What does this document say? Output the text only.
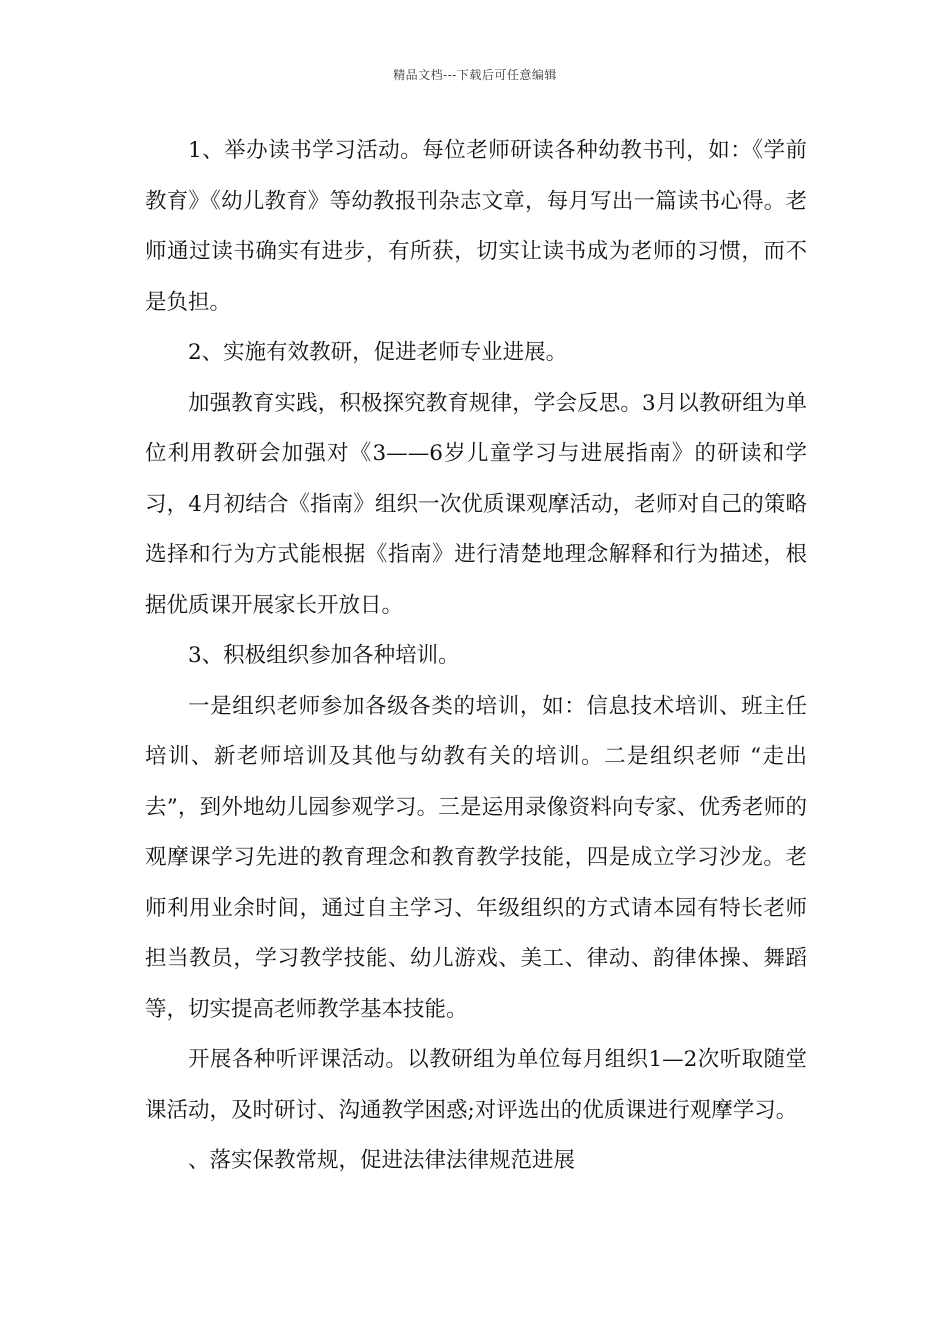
精品文档---下载后可任意编辑

1、举办读书学习活动。每位老师研读各种幼教书刊，如：《学前教育》《幼儿教育》等幼教报刊杂志文章，每月写出一篇读书心得。老师通过读书确实有进步，有所获，切实让读书成为老师的习惯，而不是负担。

2、实施有效教研，促进老师专业进展。

加强教育实践，积极探究教育规律，学会反思。3月以教研组为单位利用教研会加强对《3——6岁儿童学习与进展指南》的研读和学习，4月初结合《指南》组织一次优质课观摩活动，老师对自己的策略选择和行为方式能根据《指南》进行清楚地理念解释和行为描述，根据优质课开展家长开放日。

3、积极组织参加各种培训。

一是组织老师参加各级各类的培训，如：信息技术培训、班主任培训、新老师培训及其他与幼教有关的培训。二是组织老师 “走出去”，到外地幼儿园参观学习。三是运用录像资料向专家、优秀老师的观摩课学习先进的教育理念和教育教学技能，四是成立学习沙龙。老师利用业余时间，通过自主学习、年级组织的方式请本园有特长老师担当教员，学习教学技能、幼儿游戏、美工、律动、韵律体操、舞蹈等，切实提高老师教学基本技能。

开展各种听评课活动。以教研组为单位每月组织1—2次听取随堂课活动，及时研讨、沟通教学困惑;对评选出的优质课进行观摩学习。

、落实保教常规，促进法律法律规范进展
